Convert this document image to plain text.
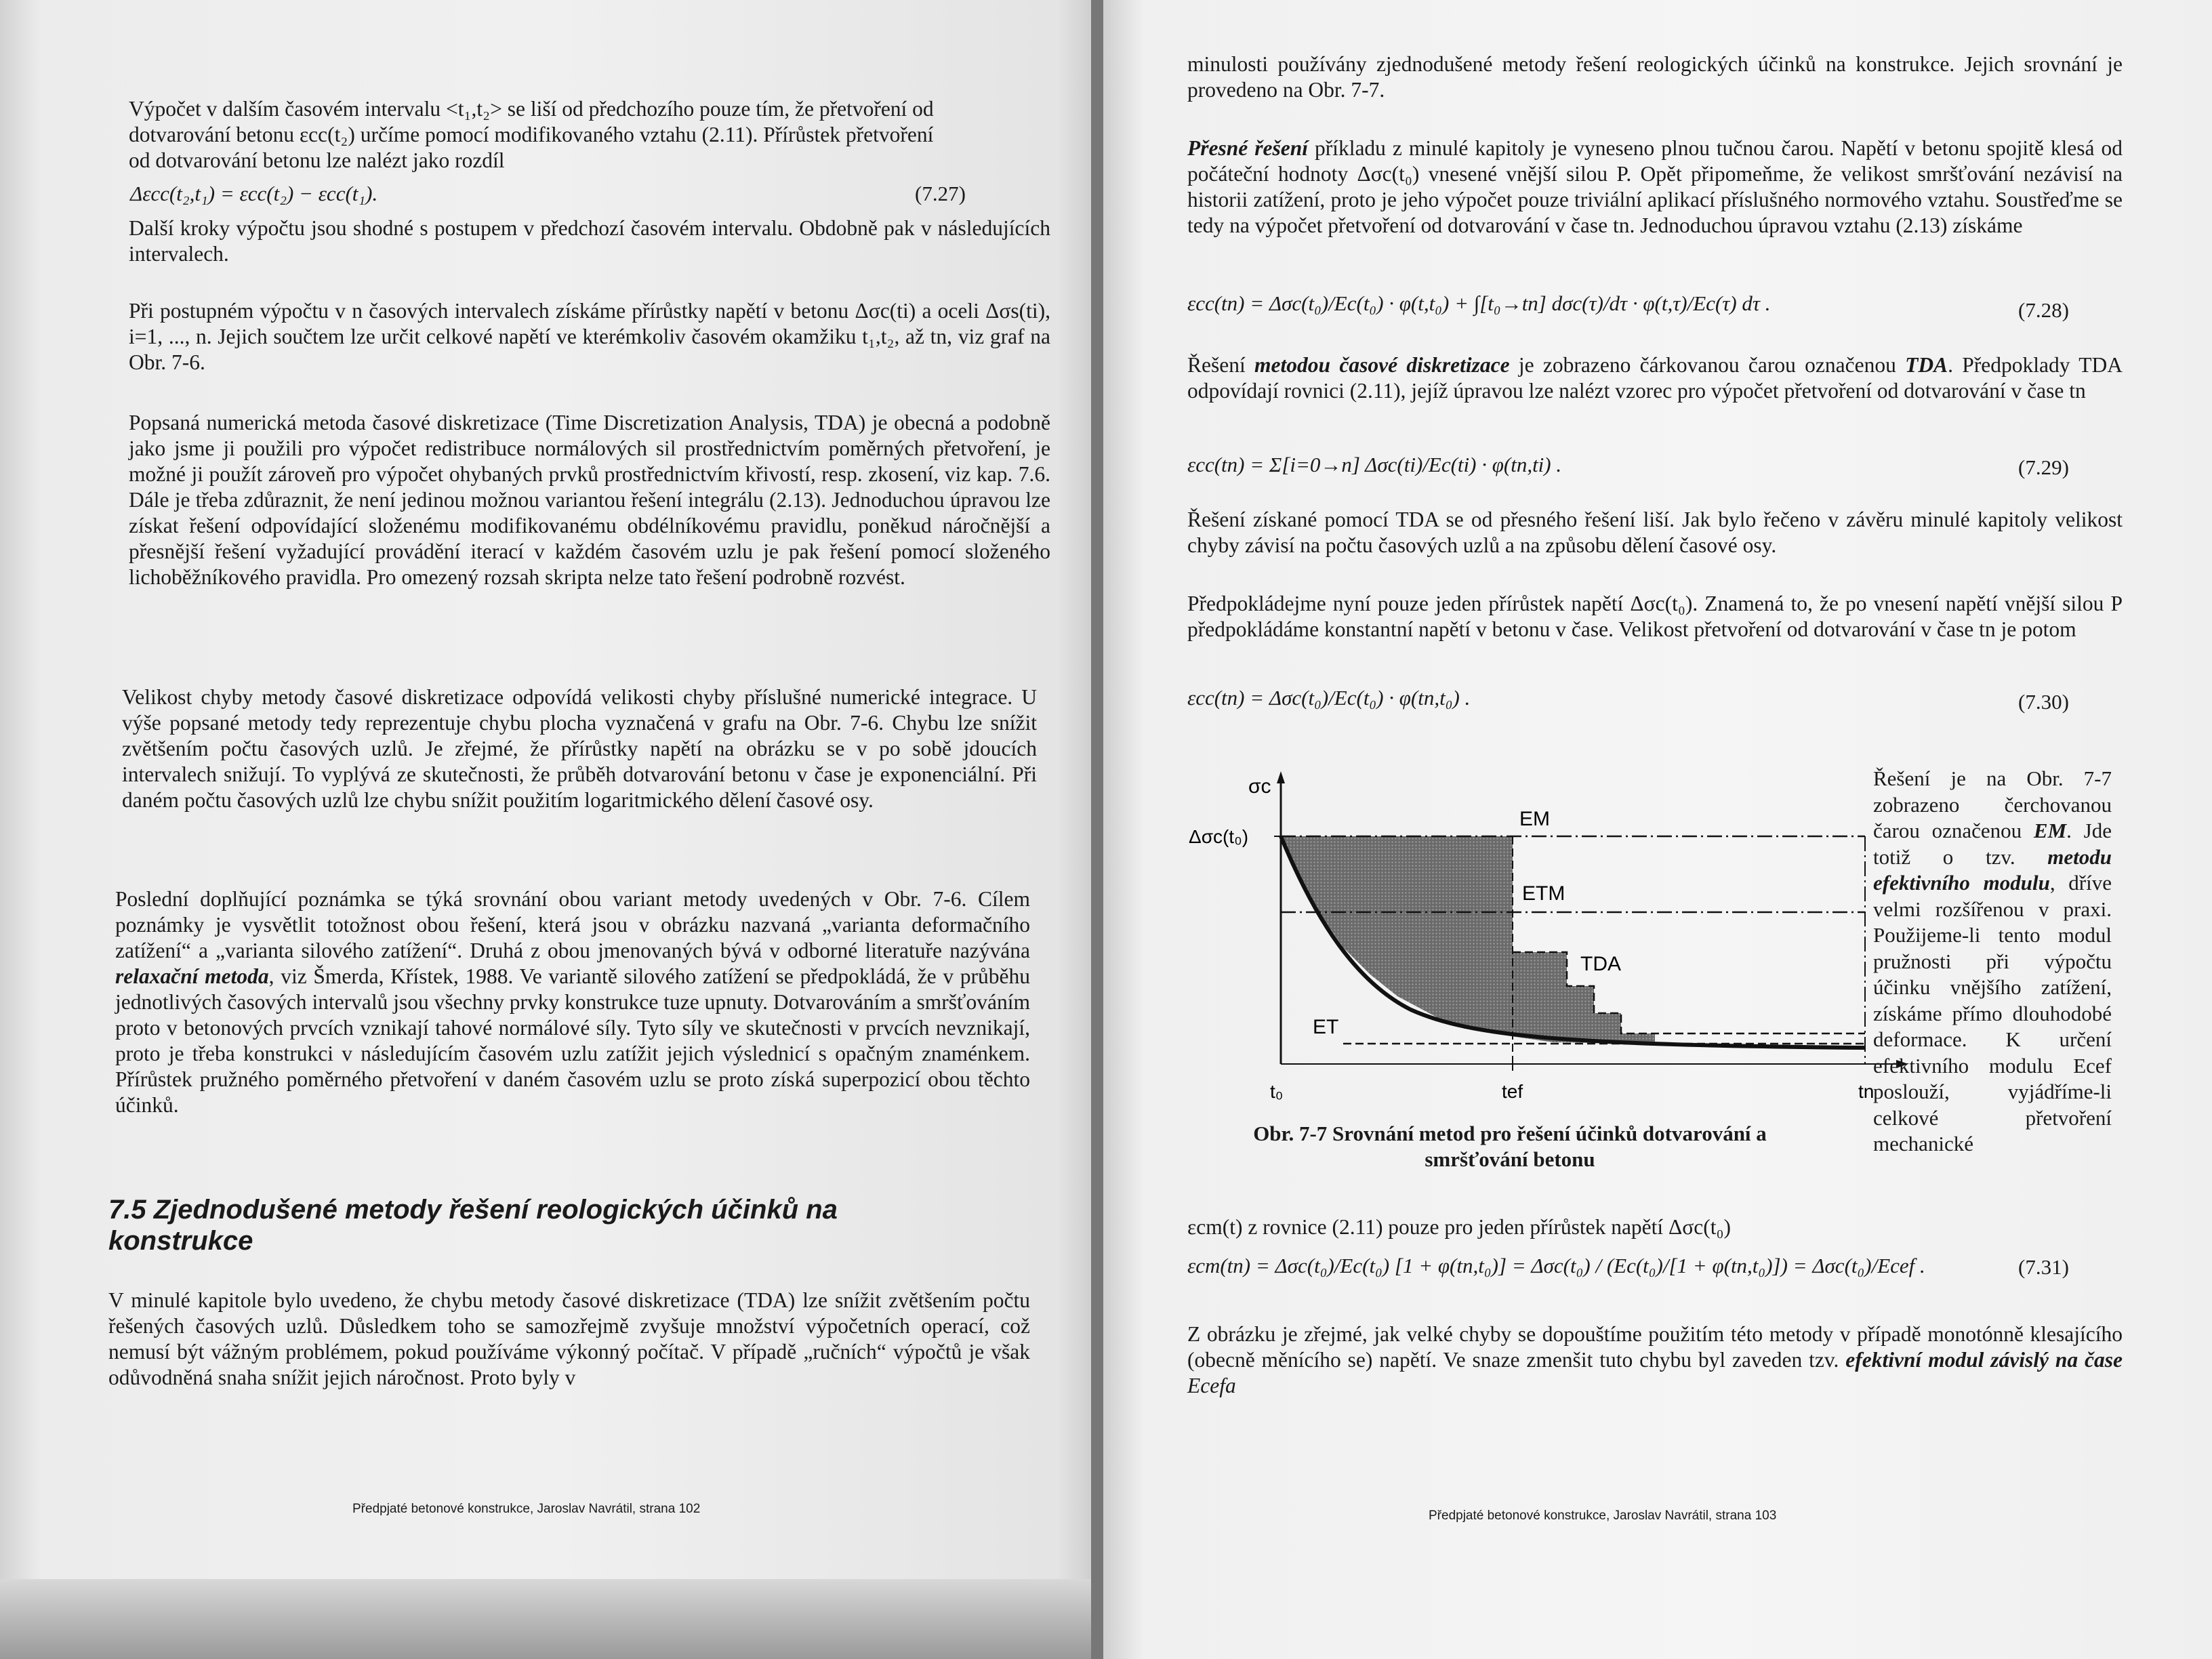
Výpočet v dalším časovém intervalu <t₁,t₂> se liší od předchozího pouze tím, že přetvoření od
dotvarování betonu εcc(t₂) určíme pomocí modifikovaného vztahu (2.11). Přírůstek přetvoření
od dotvarování betonu lze nalézt jako rozdíl
Δεcc(t₂,t₁) = εcc(t₂) − εcc(t₁).	(7.27)
Další kroky výpočtu jsou shodné s postupem v předchozí časovém intervalu. Obdobně pak v následujících intervalech.
Při postupném výpočtu v n časových intervalech získáme přírůstky napětí v betonu Δσc(ti) a oceli Δσs(ti), i=1, ..., n. Jejich součtem lze určit celkové napětí ve kterémkoliv časovém okamžiku t₁,t₂, až tn, viz graf na Obr. 7-6.
Popsaná numerická metoda časové diskretizace (Time Discretization Analysis, TDA) je obecná a podobně jako jsme ji použili pro výpočet redistribuce normálových sil prostřednictvím poměrných přetvoření, je možné ji použít zároveň pro výpočet ohybaných prvků prostřednictvím křivostí, resp. zkosení, viz kap. 7.6. Dále je třeba zdůraznit, že není jedinou možnou variantou řešení integrálu (2.13). Jednoduchou úpravou lze získat řešení odpovídající složenému modifikovanému obdélníkovému pravidlu, poněkud náročnější a přesnější řešení vyžadující provádění iterací v každém časovém uzlu je pak řešení pomocí složeného lichoběžníkového pravidla. Pro omezený rozsah skripta nelze tato řešení podrobně rozvést.
Velikost chyby metody časové diskretizace odpovídá velikosti chyby příslušné numerické integrace. U výše popsané metody tedy reprezentuje chybu plocha vyznačená v grafu na Obr. 7-6. Chybu lze snížit zvětšením počtu časových uzlů. Je zřejmé, že přírůstky napětí na obrázku se v po sobě jdoucích intervalech snižují. To vyplývá ze skutečnosti, že průběh dotvarování betonu v čase je exponenciální. Při daném počtu časových uzlů lze chybu snížit použitím logaritmického dělení časové osy.
Poslední doplňující poznámka se týká srovnání obou variant metody uvedených v Obr. 7-6. Cílem poznámky je vysvětlit totožnost obou řešení, která jsou v obrázku nazvaná „varianta deformačního zatížení“ a „varianta silového zatížení“. Druhá z obou jmenovaných bývá v odborné literatuře nazývána relaxační metoda, viz Šmerda, Křístek, 1988. Ve variantě silového zatížení se předpokládá, že v průběhu jednotlivých časových intervalů jsou všechny prvky konstrukce tuze upnuty. Dotvarováním a smršťováním proto v betonových prvcích vznikají tahové normálové síly. Tyto síly ve skutečnosti v prvcích nevznikají, proto je třeba konstrukci v následujícím časovém uzlu zatížit jejich výslednicí s opačným znaménkem. Přírůstek pružného poměrného přetvoření v daném časovém uzlu se proto získá superpozicí obou těchto účinků.
7.5 Zjednodušené metody řešení reologických účinků na konstrukce
V minulé kapitole bylo uvedeno, že chybu metody časové diskretizace (TDA) lze snížit zvětšením počtu řešených časových uzlů. Důsledkem toho se samozřejmě zvyšuje množství výpočetních operací, což nemusí být vážným problémem, pokud používáme výkonný počítač. V případě „ručních“ výpočtů je však odůvodněná snaha snížit jejich náročnost. Proto byly v
Předpjaté betonové konstrukce, Jaroslav Navrátil, strana 102
minulosti používány zjednodušené metody řešení reologických účinků na konstrukce. Jejich srovnání je provedeno na Obr. 7-7.
Přesné řešení příkladu z minulé kapitoly je vyneseno plnou tučnou čarou. Napětí v betonu spojitě klesá od počáteční hodnoty Δσc(t₀) vnesené vnější silou P. Opět připomeňme, že velikost smršťování nezávisí na historii zatížení, proto je jeho výpočet pouze triviální aplikací příslušného normového vztahu. Soustřeďme se tedy na výpočet přetvoření od dotvarování v čase tn. Jednoduchou úpravou vztahu (2.13) získáme
εcc(tn) = Δσc(t₀)/Ec(t₀) · φ(t,t₀) + ∫[t₀→tn] dσc(τ)/dτ · φ(t,τ)/Ec(τ) dτ .	(7.28)
Řešení metodou časové diskretizace je zobrazeno čárkovanou čarou označenou TDA. Předpoklady TDA odpovídají rovnici (2.11), jejíž úpravou lze nalézt vzorec pro výpočet přetvoření od dotvarování v čase tn
εcc(tn) = Σ[i=0→n] Δσc(ti)/Ec(ti) · φ(tn,ti) .	(7.29)
Řešení získané pomocí TDA se od přesného řešení liší. Jak bylo řečeno v závěru minulé kapitoly velikost chyby závisí na počtu časových uzlů a na způsobu dělení časové osy.
Předpokládejme nyní pouze jeden přírůstek napětí Δσc(t₀). Znamená to, že po vnesení napětí vnější silou P předpokládáme konstantní napětí v betonu v čase. Velikost přetvoření od dotvarování v čase tn je potom
εcc(tn) = Δσc(t₀)/Ec(t₀) · φ(tn,t₀) .	(7.30)
σc
Δσc(t₀)
EM
ETM
TDA
ET
t₀	tef	tn
Řešení je na Obr. 7-7 zobrazeno čerchovanou čarou označenou EM. Jde totiž o tzv. metodu efektivního modulu, dříve velmi rozšířenou v praxi. Použijeme-li tento modul pružnosti při výpočtu účinku vnějšího zatížení, získáme přímo dlouhodobé deformace. K určení efektivního modulu Ecef poslouží, vyjádříme-li celkové přetvoření mechanické
Obr. 7-7 Srovnání metod pro řešení účinků dotvarování a
smršťování betonu
εcm(t) z rovnice (2.11) pouze pro jeden přírůstek napětí Δσc(t₀)
εcm(tn) = Δσc(t₀)/Ec(t₀) [1 + φ(tn,t₀)] = Δσc(t₀) / (Ec(t₀)/[1 + φ(tn,t₀)]) = Δσc(t₀)/Ecef .	(7.31)
Z obrázku je zřejmé, jak velké chyby se dopouštíme použitím této metody v případě monotónně klesajícího (obecně měnícího se) napětí. Ve snaze zmenšit tuto chybu byl zaveden tzv. efektivní modul závislý na čase Ecefa
Předpjaté betonové konstrukce, Jaroslav Navrátil, strana 103
